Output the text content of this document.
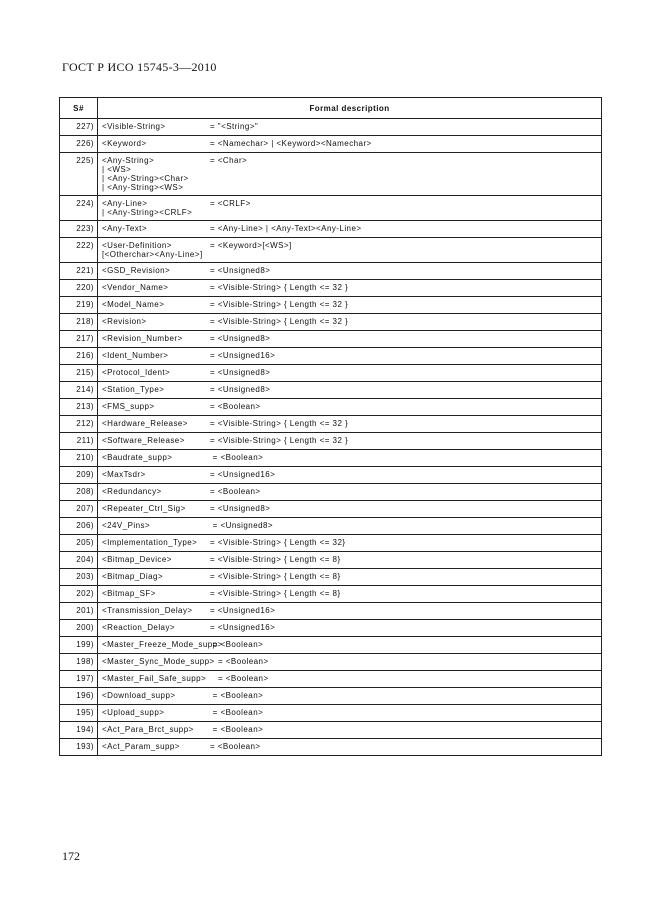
ГОСТ Р ИСО 15745-3—2010
S#	Formal description
227)	<Visible-String> = "<String>"

226)	<Keyword> = <Namechar> | <Keyword><Namechar>

225)	<Any-String> = <Char>
| <WS>
| <Any-String><Char>
| <Any-String><WS>

224)	<Any-Line> = <CRLF>
| <Any-String><CRLF>

223)	<Any-Text> = <Any-Line> | <Any-Text><Any-Line>

222)	<User-Definition> = <Keyword>[<WS>]
[<Otherchar><Any-Line>]

221)	<GSD_Revision> = <Unsigned8>

220)	<Vendor_Name> = <Visible-String> { Length <= 32 }

219)	<Model_Name> = <Visible-String> { Length <= 32 }

218)	<Revision> = <Visible-String> { Length <= 32 }

217)	<Revision_Number> = <Unsigned8>

216)	<Ident_Number> = <Unsigned16>

215)	<Protocol_Ident> = <Unsigned8>

214)	<Station_Type> = <Unsigned8>

213)	<FMS_supp> = <Boolean>

212)	<Hardware_Release> = <Visible-String> { Length <= 32 }

211)	<Software_Release> = <Visible-String> { Length <= 32 }

210)	<Baudrate_supp> = <Boolean>

209)	<MaxTsdr> = <Unsigned16>

208)	<Redundancy> = <Boolean>

207)	<Repeater_Ctrl_Sig> = <Unsigned8>

206)	<24V_Pins> = <Unsigned8>

205)	<Implementation_Type> = <Visible-String> { Length <= 32}

204)	<Bitmap_Device> = <Visible-String> { Length <= 8}

203)	<Bitmap_Diag> = <Visible-String> { Length <= 8}

202)	<Bitmap_SF> = <Visible-String> { Length <= 8}

201)	<Transmission_Delay> = <Unsigned16>

200)	<Reaction_Delay> = <Unsigned16>

199)	<Master_Freeze_Mode_supp>
= <Boolean>

198)	<Master_Sync_Mode_supp>
= <Boolean>

197)	<Master_Fail_Safe_supp> = <Boolean>

196)	<Download_supp> = <Boolean>

195)	<Upload_supp> = <Boolean>

194)	<Act_Para_Brct_supp> = <Boolean>

193)	<Act_Param_supp> = <Boolean>
172
